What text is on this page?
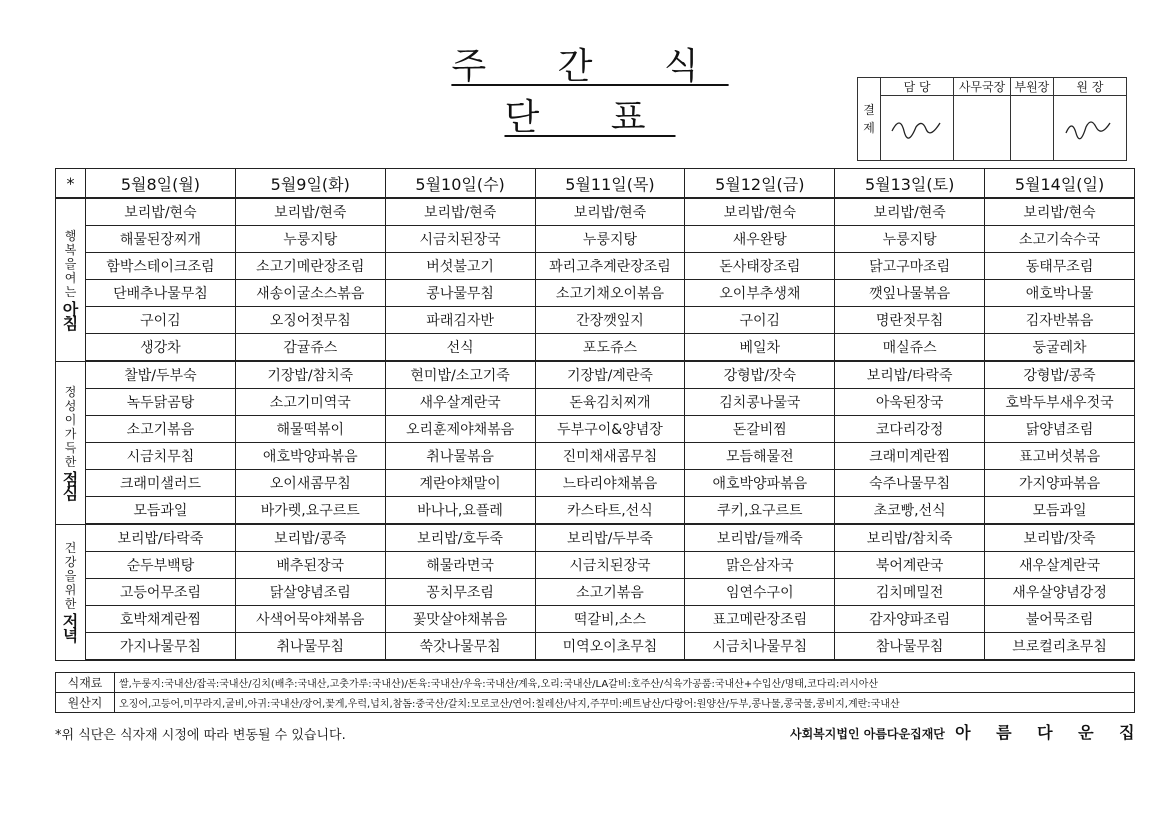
주 간 식 단 표	결
제	담 당	사무국장	부원장	원 장

*	5월8일(월)	5월9일(화)	5월10일(수)	5월11일(목)	5월12일(금)	5월13일(토)	5월14일(일)

행 복 을 여 는
아 침	보리밥/현숙	보리밥/현죽	보리밥/현죽	보리밥/현죽	보리밥/현숙	보리밥/현죽	보리밥/현숙
	해물된장찌개	누룽지탕	시금치된장국	누룽지탕	새우완탕	누룽지탕	소고기숙수국
	함박스테이크조림	소고기메란장조림	버섯불고기	꽈리고추계란장조림	돈사태장조림	닭고구마조림	동태무조림
	단배추나물무침	새송이굴소스볶음	콩나물무침	소고기채오이볶음	오이부추생채	깻잎나물볶음	애호박나물
	구이김	오징어젓무침	파래김자반	간장깻잎지	구이김	명란젓무침	김자반볶음
	생강차	감귤쥬스	선식	포도쥬스	베일차	매실쥬스	둥굴레차

정 성 이 가 득 한
점 심	찰밥/두부숙	기장밥/참치죽	현미밥/소고기죽	기장밥/계란죽	강형밥/잣숙	보리밥/타락죽	강형밥/콩죽
	녹두닭곰탕	소고기미역국	새우살계란국	돈육김치찌개	김치콩나물국	아욱된장국	호박두부새우젓국
	소고기볶음	해물떡볶이	오리훈제야채볶음	두부구이&양념장	돈갈비찜	코다리강정	닭양념조림
	시금치무침	애호박양파볶음	취나물볶음	진미채새콤무침	모듬해물전	크래미계란찜	표고버섯볶음
	크래미샐러드	오이새콤무침	계란야채말이	느타리야채볶음	애호박양파볶음	숙주나물무침	가지양파볶음
	모듬과일	바가렛,요구르트	바나나,요플레	카스타트,선식	쿠키,요구르트	초코빵,선식	모듬과일

건 강 을 위 한
저 녁	보리밥/타락죽	보리밥/콩죽	보리밥/호두죽	보리밥/두부죽	보리밥/들깨죽	보리밥/참치죽	보리밥/잣죽
	순두부백탕	배추된장국	해물라면국	시금치된장국	맑은삼자국	북어계란국	새우살계란국
	고등어무조림	닭살양념조림	꽁치무조림	소고기볶음	임연수구이	김치메밀전	새우살양념강정
	호박채계란찜	사색어묵야채볶음	꽃맛살야채볶음	떡갈비,소스	표고메란장조림	감자양파조림	불어묵조림
	가지나물무침	취나물무침	쑥갓나물무침	미역오이초무침	시금치나물무침	참나물무침	브로컬리초무침
식재료	쌀,누룽지:국내산/잡곡:국내산/김치(배추:국내산,고춧가루:국내산)/돈육:국내산/우육:국내산/계육,오리:국내산/LA갈비:호주산/식육가공품:국내산+수입산/명태,코다리:러시아산
원산지	오징어,고등어,미꾸라지,굴비,아귀:국내산/장어,꽃게,우럭,넙치,참돔:중국산/갈치:모로코산/연어:칠레산/낙지,주꾸미:베트남산/다랑어:원양산/두부,콩나물,콩국물,콩비지,계란:국내산
*위 식단은 식자재 시정에 따라 변동될 수 있습니다.	사회복지법인 아름다운집재단 아 름 다 운 집
